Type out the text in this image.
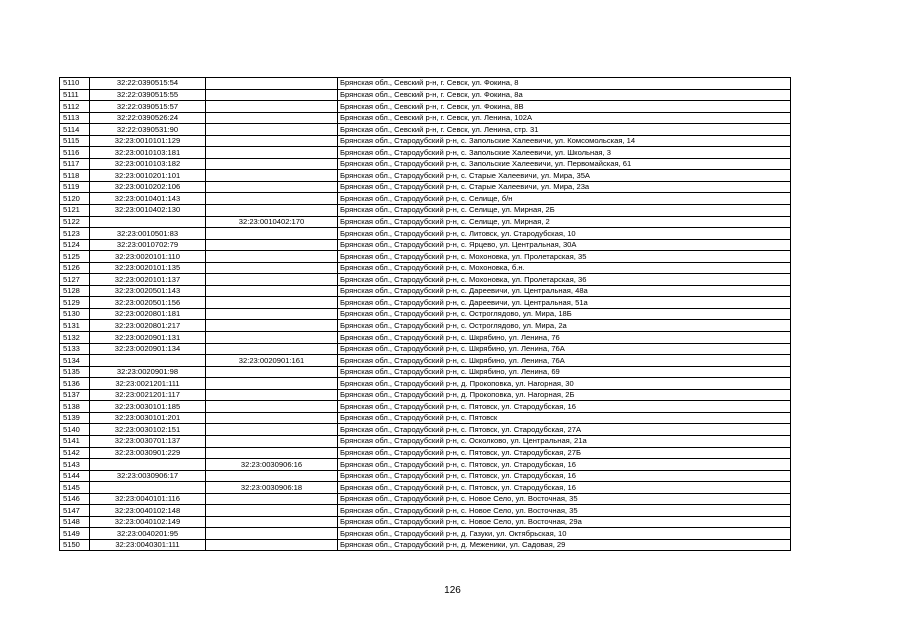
5110	32:22:0390515:54		Брянская обл., Севский р-н, г. Севск, ул. Фокина, 8
5111	32:22:0390515:55		Брянская обл., Севский р-н, г. Севск, ул. Фокина, 8а
5112	32:22:0390515:57		Брянская обл., Севский р-н, г. Севск, ул. Фокина, 8В
5113	32:22:0390526:24		Брянская обл., Севский р-н, г. Севск, ул. Ленина, 102А
5114	32:22:0390531:90		Брянская обл., Севский р-н, г. Севск, ул. Ленина, стр. 31
5115	32:23:0010101:129		Брянская обл., Стародубский р-н, с. Запольские Халеевичи, ул. Комсомольская, 14
5116	32:23:0010103:181		Брянская обл., Стародубский р-н, с. Запольские Халеевичи, ул. Школьная, 3
5117	32:23:0010103:182		Брянская обл., Стародубский р-н, с. Запольские Халеевичи, ул. Первомайская, 61
5118	32:23:0010201:101		Брянская обл., Стародубский р-н, с. Старые Халеевичи, ул. Мира, 35А
5119	32:23:0010202:106		Брянская обл., Стародубский р-н, с. Старые Халеевичи, ул. Мира, 23а
5120	32:23:0010401:143		Брянская обл., Стародубский р-н, с. Селище, б/н
5121	32:23:0010402:130		Брянская обл., Стародубский р-н, с. Селище, ул. Мирная, 2Б
5122		32:23:0010402:170	Брянская обл., Стародубский р-н, с. Селище, ул. Мирная, 2
5123	32:23:0010501:83		Брянская обл., Стародубский р-н, с. Литовск, ул. Стародубская, 10
5124	32:23:0010702:79		Брянская обл., Стародубский р-н, с. Ярцево, ул. Центральная, 30А
5125	32:23:0020101:110		Брянская обл., Стародубский р-н, с. Мохоновка, ул. Пролетарская, 35
5126	32:23:0020101:135		Брянская обл., Стародубский р-н, с. Мохоновка, б.н.
5127	32:23:0020101:137		Брянская обл., Стародубский р-н, с. Мохоновка, ул. Пролетарская, 36
5128	32:23:0020501:143		Брянская обл., Стародубский р-н, с. Дареевичи, ул. Центральная, 48а
5129	32:23:0020501:156		Брянская обл., Стародубский р-н, с. Дареевичи, ул. Центральная, 51а
5130	32:23:0020801:181		Брянская обл., Стародубский р-н, с. Остроглядово, ул. Мира, 18Б
5131	32:23:0020801:217		Брянская обл., Стародубский р-н, с. Остроглядово, ул. Мира, 2а
5132	32:23:0020901:131		Брянская обл., Стародубский р-н, с. Шкрябино, ул. Ленина, 76
5133	32:23:0020901:134		Брянская обл., Стародубский р-н, с. Шкрябино, ул. Ленина, 76А
5134		32:23:0020901:161	Брянская обл., Стародубский р-н, с. Шкрябино, ул. Ленина, 76А
5135	32:23:0020901:98		Брянская обл., Стародубский р-н, с. Шкрябино, ул. Ленина, 69
5136	32:23:0021201:111		Брянская обл., Стародубский р-н, д. Прокоповка, ул. Нагорная, 30
5137	32:23:0021201:117		Брянская обл., Стародубский р-н, д. Прокоповка, ул. Нагорная, 2Б
5138	32:23:0030101:185		Брянская обл., Стародубский р-н, с. Пятовск, ул. Стародубская, 16
5139	32:23:0030101:201		Брянская обл., Стародубский р-н, с. Пятовск
5140	32:23:0030102:151		Брянская обл., Стародубский р-н, с. Пятовск, ул. Стародубская, 27А
5141	32:23:0030701:137		Брянская обл., Стародубский р-н, с. Осколково, ул. Центральная, 21а
5142	32:23:0030901:229		Брянская обл., Стародубский р-н, с. Пятовск, ул. Стародубская, 27Б
5143		32:23:0030906:16	Брянская обл., Стародубский р-н, с. Пятовск, ул. Стародубская, 16
5144	32:23:0030906:17		Брянская обл., Стародубский р-н, с. Пятовск, ул. Стародубская, 16
5145		32:23:0030906:18	Брянская обл., Стародубский р-н, с. Пятовск, ул. Стародубская, 16
5146	32:23:0040101:116		Брянская обл., Стародубский р-н, с. Новое Село, ул. Восточная, 35
5147	32:23:0040102:148		Брянская обл., Стародубский р-н, с. Новое Село, ул. Восточная, 35
5148	32:23:0040102:149		Брянская обл., Стародубский р-н, с. Новое Село, ул. Восточная, 29а
5149	32:23:0040201:95		Брянская обл., Стародубский р-н, д. Газуки, ул. Октябрьская, 10
5150	32:23:0040301:111		Брянская обл., Стародубский р-н, д. Меженики, ул. Садовая, 29
126
